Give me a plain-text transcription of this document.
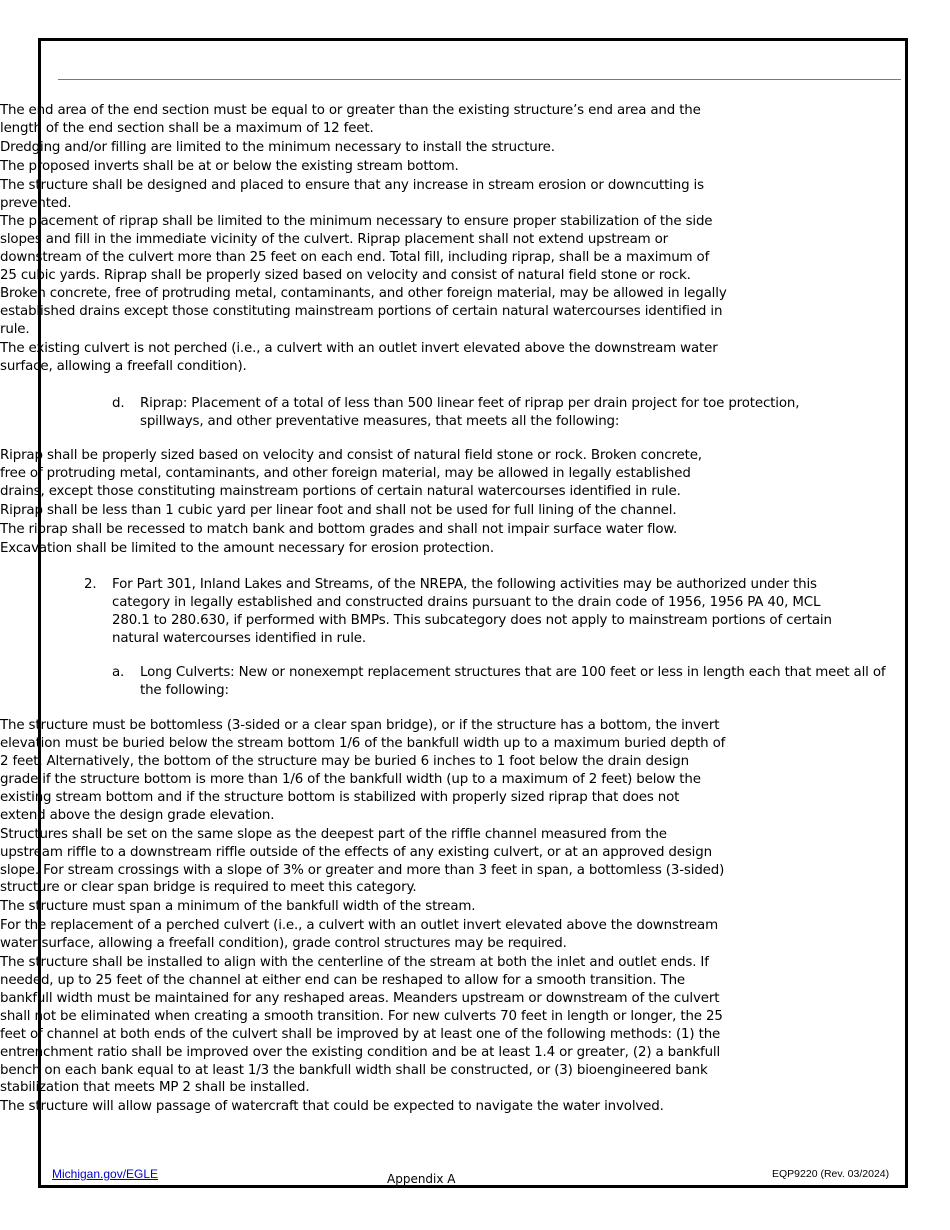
• The end area of the end section must be equal to or greater than the existing structure’s end area and the length of the end section shall be a maximum of 12 feet.
• Dredging and/or filling are limited to the minimum necessary to install the structure.
• The proposed inverts shall be at or below the existing stream bottom.
• The structure shall be designed and placed to ensure that any increase in stream erosion or downcutting is prevented.
• The placement of riprap shall be limited to the minimum necessary to ensure proper stabilization of the side slopes and fill in the immediate vicinity of the culvert. Riprap placement shall not extend upstream or downstream of the culvert more than 25 feet on each end. Total fill, including riprap, shall be a maximum of 25 cubic yards. Riprap shall be properly sized based on velocity and consist of natural field stone or rock. Broken concrete, free of protruding metal, contaminants, and other foreign material, may be allowed in legally established drains except those constituting mainstream portions of certain natural watercourses identified in rule.
• The existing culvert is not perched (i.e., a culvert with an outlet invert elevated above the downstream water surface, allowing a freefall condition).
d. Riprap: Placement of a total of less than 500 linear feet of riprap per drain project for toe protection, spillways, and other preventative measures, that meets all the following:
• Riprap shall be properly sized based on velocity and consist of natural field stone or rock. Broken concrete, free of protruding metal, contaminants, and other foreign material, may be allowed in legally established drains, except those constituting mainstream portions of certain natural watercourses identified in rule.
• Riprap shall be less than 1 cubic yard per linear foot and shall not be used for full lining of the channel.
• The riprap shall be recessed to match bank and bottom grades and shall not impair surface water flow.
• Excavation shall be limited to the amount necessary for erosion protection.
2. For Part 301, Inland Lakes and Streams, of the NREPA, the following activities may be authorized under this category in legally established and constructed drains pursuant to the drain code of 1956, 1956 PA 40, MCL 280.1 to 280.630, if performed with BMPs. This subcategory does not apply to mainstream portions of certain natural watercourses identified in rule.
a. Long Culverts: New or nonexempt replacement structures that are 100 feet or less in length each that meet all of the following:
• The structure must be bottomless (3-sided or a clear span bridge), or if the structure has a bottom, the invert elevation must be buried below the stream bottom 1/6 of the bankfull width up to a maximum buried depth of 2 feet. Alternatively, the bottom of the structure may be buried 6 inches to 1 foot below the drain design grade if the structure bottom is more than 1/6 of the bankfull width (up to a maximum of 2 feet) below the existing stream bottom and if the structure bottom is stabilized with properly sized riprap that does not extend above the design grade elevation.
• Structures shall be set on the same slope as the deepest part of the riffle channel measured from the upstream riffle to a downstream riffle outside of the effects of any existing culvert, or at an approved design slope. For stream crossings with a slope of 3% or greater and more than 3 feet in span, a bottomless (3-sided) structure or clear span bridge is required to meet this category.
• The structure must span a minimum of the bankfull width of the stream.
• For the replacement of a perched culvert (i.e., a culvert with an outlet invert elevated above the downstream water surface, allowing a freefall condition), grade control structures may be required.
• The structure shall be installed to align with the centerline of the stream at both the inlet and outlet ends. If needed, up to 25 feet of the channel at either end can be reshaped to allow for a smooth transition. The bankfull width must be maintained for any reshaped areas. Meanders upstream or downstream of the culvert shall not be eliminated when creating a smooth transition. For new culverts 70 feet in length or longer, the 25 feet of channel at both ends of the culvert shall be improved by at least one of the following methods: (1) the entrenchment ratio shall be improved over the existing condition and be at least 1.4 or greater, (2) a bankfull bench on each bank equal to at least 1/3 the bankfull width shall be constructed, or (3) bioengineered bank stabilization that meets MP 2 shall be installed.
• The structure will allow passage of watercraft that could be expected to navigate the water involved.
Michigan.gov/EGLE	Appendix A	EQP9220 (Rev. 03/2024)
